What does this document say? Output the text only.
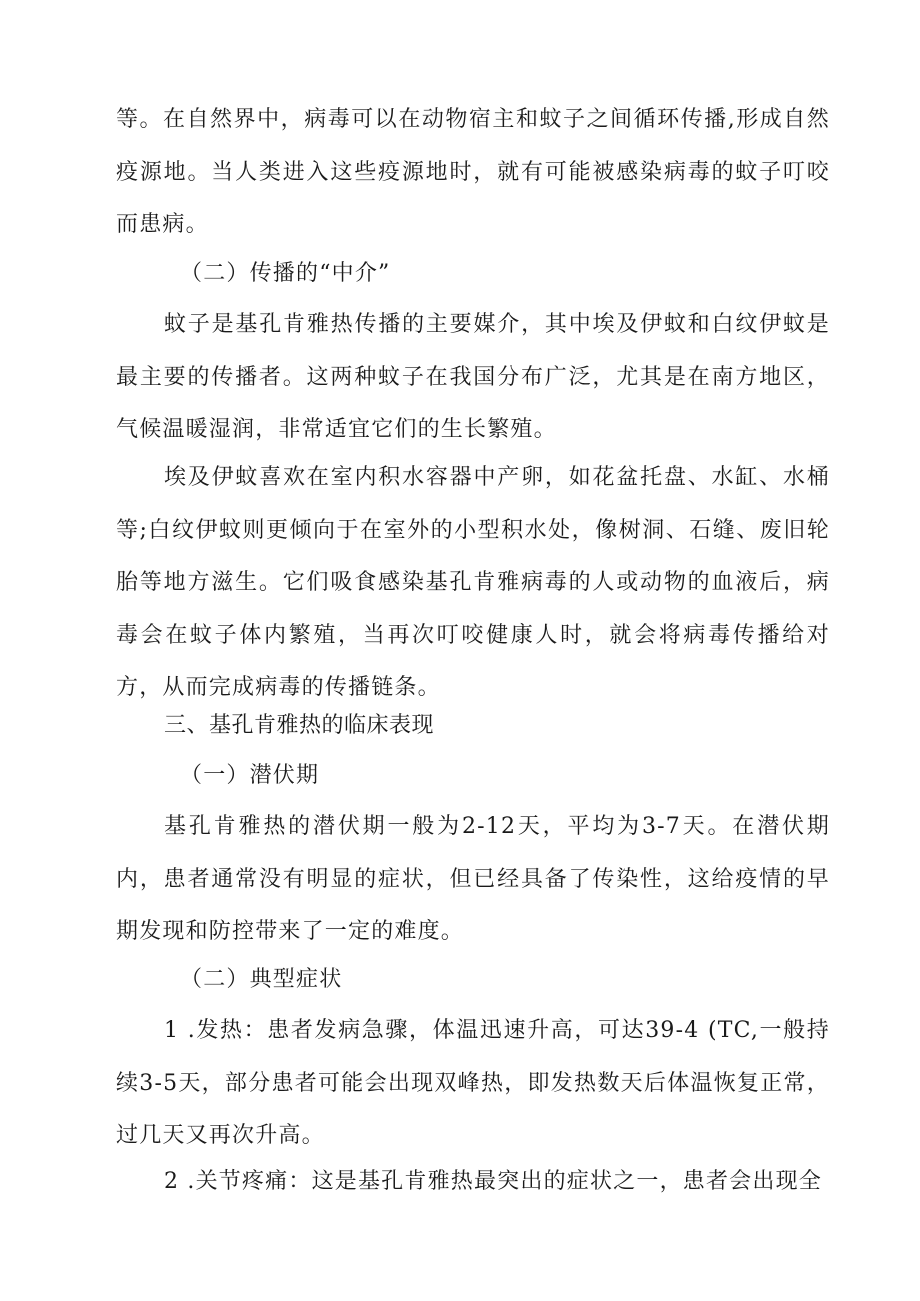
等。在自然界中，病毒可以在动物宿主和蚊子之间循环传播,形成自然疫源地。当人类进入这些疫源地时，就有可能被感染病毒的蚊子叮咬而患病。

（二）传播的“中介”

蚊子是基孔肯雅热传播的主要媒介，其中埃及伊蚊和白纹伊蚊是最主要的传播者。这两种蚊子在我国分布广泛，尤其是在南方地区，气候温暖湿润，非常适宜它们的生长繁殖。

埃及伊蚊喜欢在室内积水容器中产卵，如花盆托盘、水缸、水桶等;白纹伊蚊则更倾向于在室外的小型积水处，像树洞、石缝、废旧轮胎等地方滋生。它们吸食感染基孔肯雅病毒的人或动物的血液后，病毒会在蚊子体内繁殖，当再次叮咬健康人时，就会将病毒传播给对方，从而完成病毒的传播链条。

三、基孔肯雅热的临床表现

（一）潜伏期

基孔肯雅热的潜伏期一般为2-12天，平均为3-7天。在潜伏期内，患者通常没有明显的症状，但已经具备了传染性，这给疫情的早期发现和防控带来了一定的难度。

（二）典型症状

1 .发热：患者发病急骤，体温迅速升高，可达39-4 (TC,一般持续3-5天，部分患者可能会出现双峰热，即发热数天后体温恢复正常，过几天又再次升高。

2 .关节疼痛：这是基孔肯雅热最突出的症状之一，患者会出现全
